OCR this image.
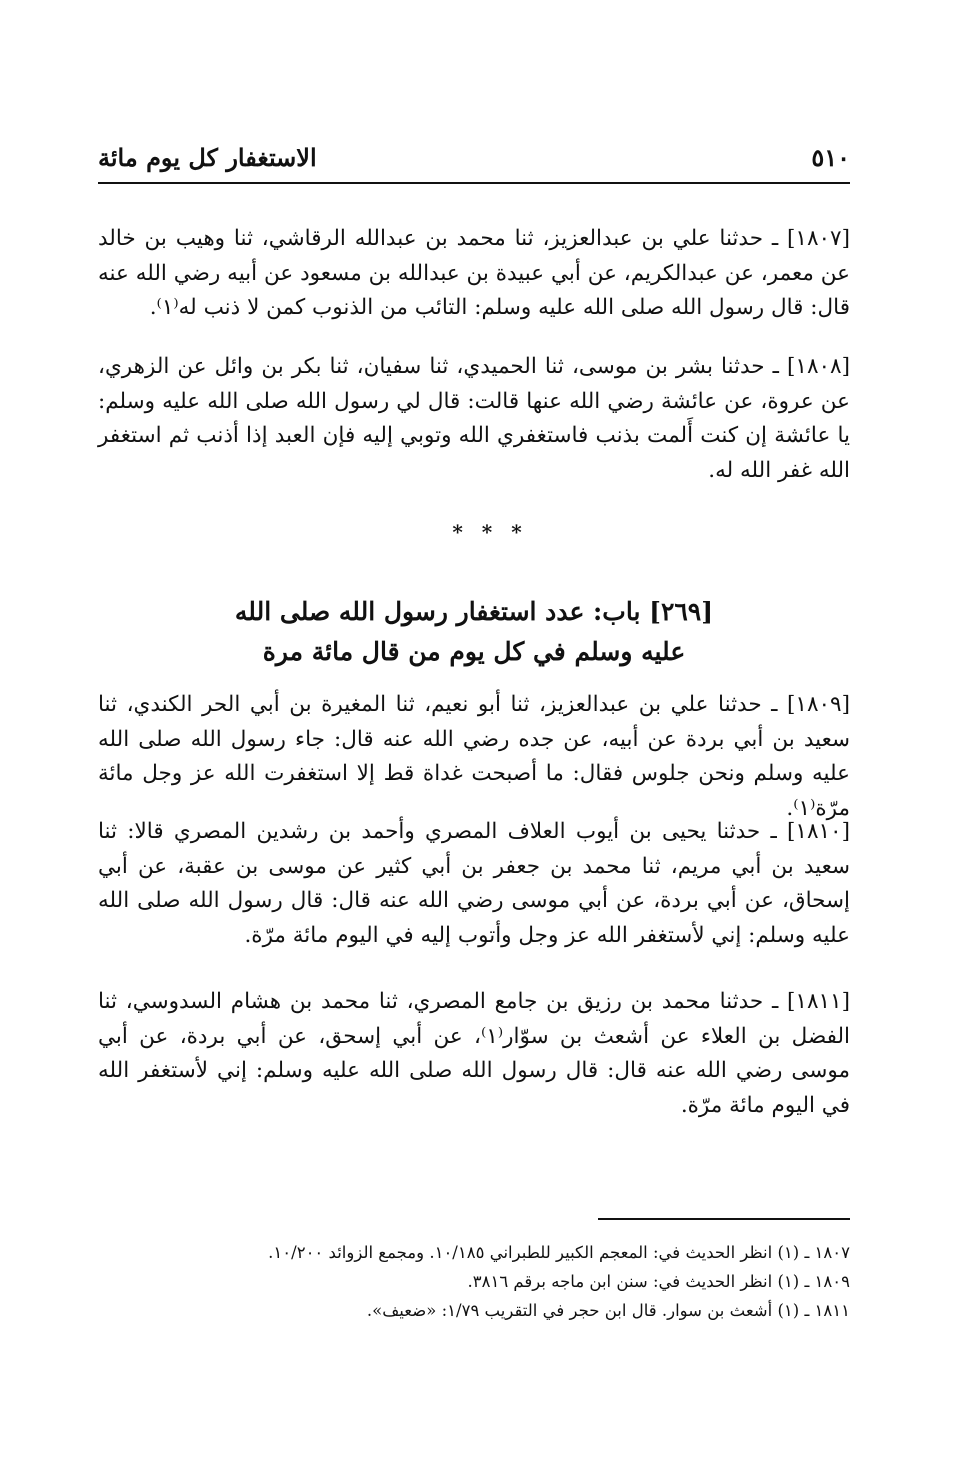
٥١٠
الاستغفار كل يوم مائة
[١٨٠٧] ـ حدثنا علي بن عبدالعزيز، ثنا محمد بن عبدالله الرقاشي، ثنا وهيب بن خالد عن معمر، عن عبدالكريم، عن أبي عبيدة بن عبدالله بن مسعود عن أبيه رضي الله عنه قال: قال رسول الله صلى الله عليه وسلم: التائب من الذنوب كمن لا ذنب له⁽١⁾.
[١٨٠٨] ـ حدثنا بشر بن موسى، ثنا الحميدي، ثنا سفيان، ثنا بكر بن وائل عن الزهري، عن عروة، عن عائشة رضي الله عنها قالت: قال لي رسول الله صلى الله عليه وسلم: يا عائشة إن كنت أَلمت بذنب فاستغفري الله وتوبي إليه فإن العبد إذا أذنب ثم استغفر الله غفر الله له.
* * *
[٢٦٩] باب: عدد استغفار رسول الله صلى الله
عليه وسلم في كل يوم من قال مائة مرة
[١٨٠٩] ـ حدثنا علي بن عبدالعزيز، ثنا أبو نعيم، ثنا المغيرة بن أبي الحر الكندي، ثنا سعيد بن أبي بردة عن أبيه، عن جده رضي الله عنه قال: جاء رسول الله صلى الله عليه وسلم ونحن جلوس فقال: ما أصبحت غداة قط إلا استغفرت الله عز وجل مائة مرّة⁽١⁾.
[١٨١٠] ـ حدثنا يحيى بن أيوب العلاف المصري وأحمد بن رشدين المصري قالا: ثنا سعيد بن أبي مريم، ثنا محمد بن جعفر بن أبي كثير عن موسى بن عقبة، عن أبي إسحاق، عن أبي بردة، عن أبي موسى رضي الله عنه قال: قال رسول الله صلى الله عليه وسلم: إني لأستغفر الله عز وجل وأتوب إليه في اليوم مائة مرّة.
[١٨١١] ـ حدثنا محمد بن رزيق بن جامع المصري، ثنا محمد بن هشام السدوسي، ثنا الفضل بن العلاء عن أشعث بن سوّار⁽١⁾، عن أبي إسحق، عن أبي بردة، عن أبي موسى رضي الله عنه قال: قال رسول الله صلى الله عليه وسلم: إني لأستغفر الله في اليوم مائة مرّة.
١٨٠٧ ـ (١) انظر الحديث في: المعجم الكبير للطبراني ١٠/١٨٥. ومجمع الزوائد ١٠/٢٠٠.
١٨٠٩ ـ (١) انظر الحديث في: سنن ابن ماجه برقم ٣٨١٦.
١٨١١ ـ (١) أشعث بن سوار. قال ابن حجر في التقريب ١/٧٩: «ضعيف».
